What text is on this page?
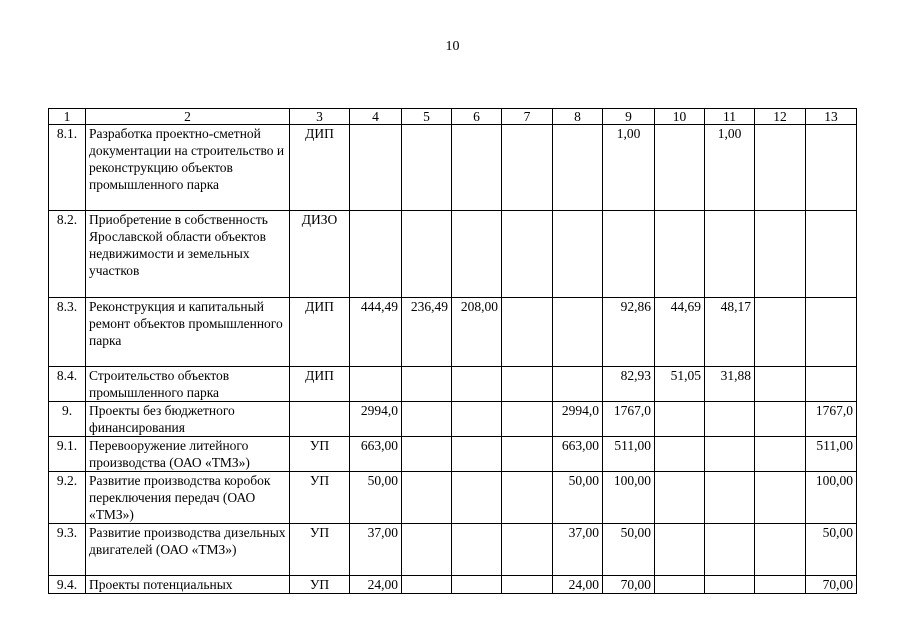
10
1	2	3	4	5	6	7	8	9	10	11	12	13
8.1.	Разработка проектно-сметной документации на строительство и реконструкцию объектов промышленного парка	ДИП						1,00		1,00		
8.2.	Приобретение в собственность Ярославской области объектов недвижимости и земельных участков	ДИЗО										
8.3.	Реконструкция и капитальный ремонт объектов промышленного парка	ДИП	444,49	236,49	208,00			92,86	44,69	48,17		
8.4.	Строительство объектов промышленного парка	ДИП						82,93	51,05	31,88		
9.	Проекты без бюджетного финансирования		2994,0				2994,0	1767,0				1767,0
9.1.	Перевооружение литейного производства (ОАО «ТМЗ»)	УП	663,00				663,00	511,00				511,00
9.2.	Развитие производства коробок переключения передач (ОАО «ТМЗ»)	УП	50,00				50,00	100,00				100,00
9.3.	Развитие производства дизельных двигателей (ОАО «ТМЗ»)	УП	37,00				37,00	50,00				50,00
9.4.	Проекты потенциальных	УП	24,00				24,00	70,00				70,00
